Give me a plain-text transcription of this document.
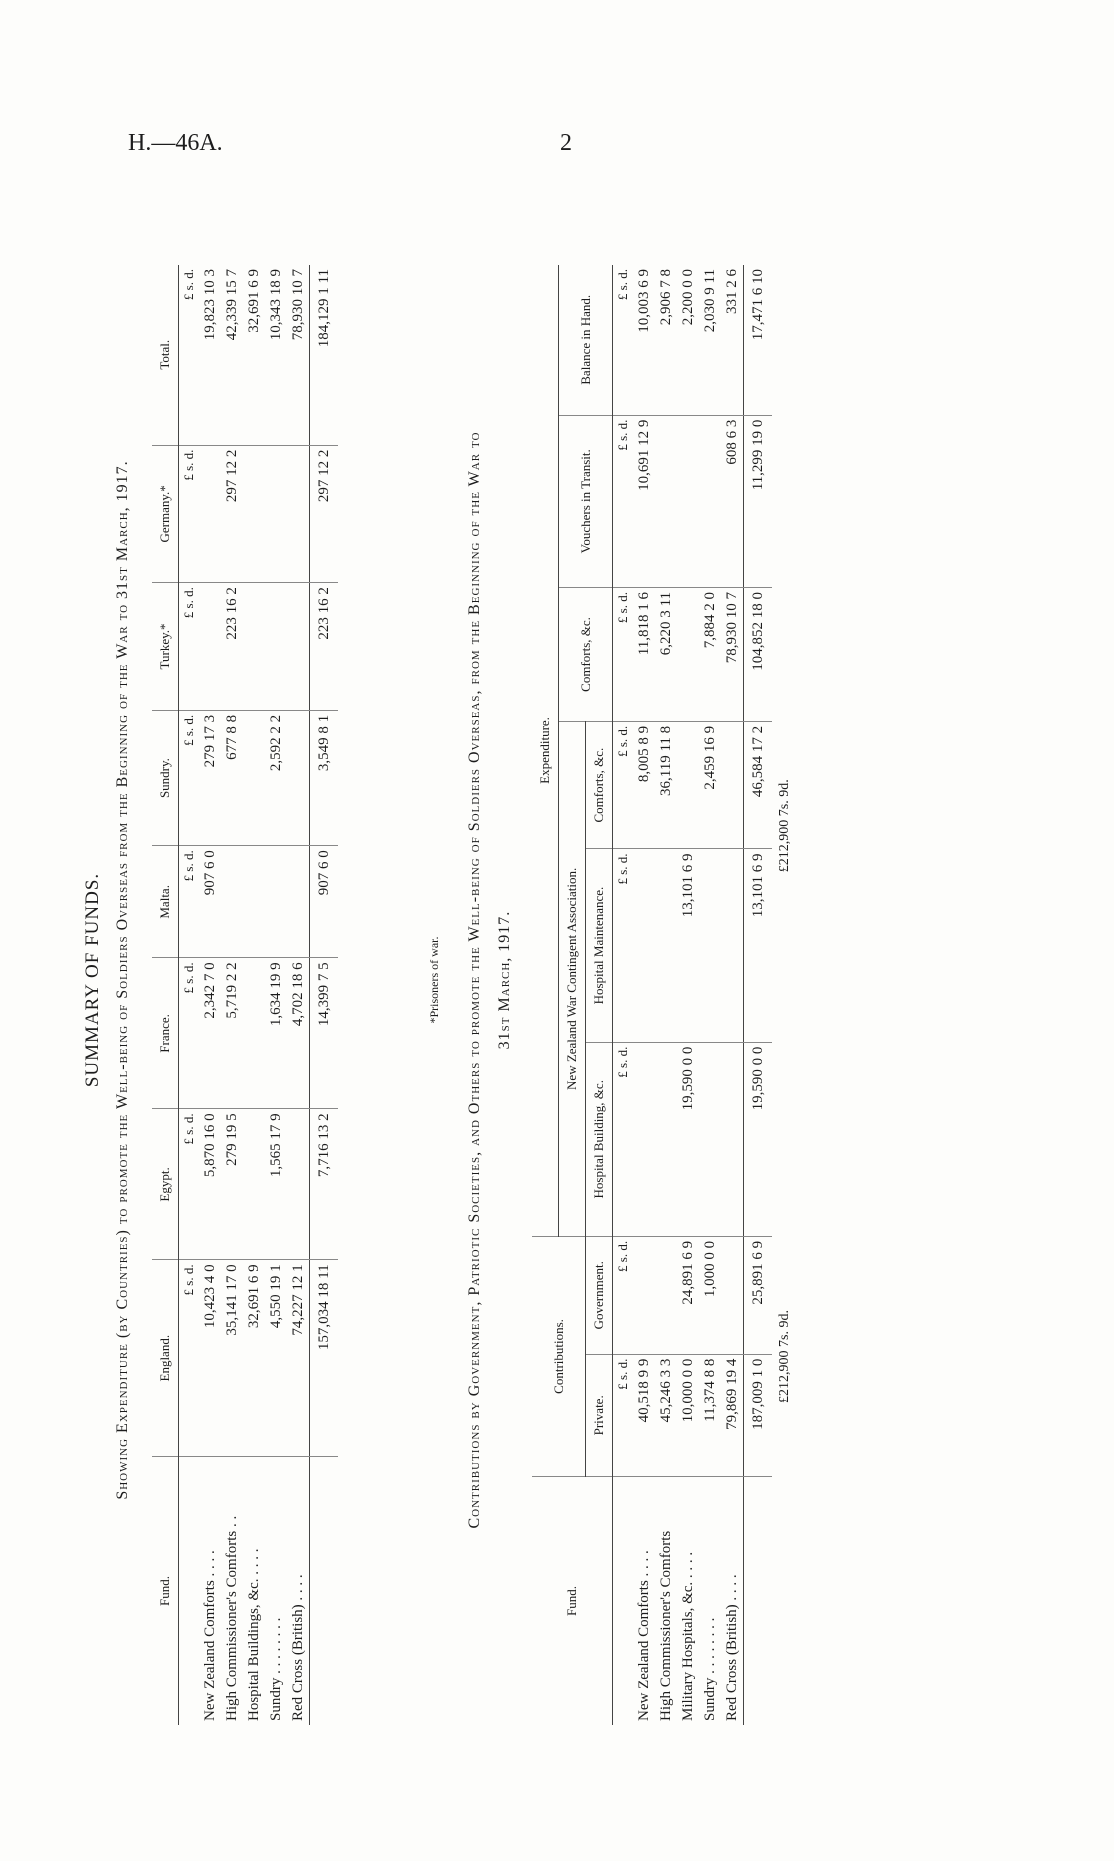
H.—46A.	2
SUMMARY OF FUNDS. Showing Expenditure (by Countries) to promote the Well-being of Soldiers Overseas from the Beginning of the War to 31st March, 1917.
Fund.	England.	Egypt.	France.	Malta.	Sundry.	Turkey.*	Germany.*	Total.
	£ s. d.	£ s. d.	£ s. d.	£ s. d.	£ s. d.	£ s. d.	£ s. d.	£ s. d.
New Zealand Comforts . . . .	10,423 4 0	5,870 16 0	2,342 7 0	907 6 0	279 17 3			19,823 10 3
High Commissioner's Comforts . .	35,141 17 0	279 19 5	5,719 2 2		677 8 8	223 16 2	297 12 2	42,339 15 7
Hospital Buildings, &c. . . . .	32,691 6 9							32,691 6 9
Sundry . . . . . . . .	4,550 19 1	1,565 17 9	1,634 19 9		2,592 2 2			10,343 18 9
Red Cross (British) . . . .	74,227 12 1		4,702 18 6					78,930 10 7
	157,034 18 11	7,716 13 2	14,399 7 5	907 6 0	3,549 8 1	223 16 2	297 12 2	184,129 1 11
*Prisoners of war.	Contributions by Government, Patriotic Societies, and Others to promote the Well-being of Soldiers Overseas, from the Beginning of the War to 31st March, 1917.
Fund.	Contributions.		Expenditure.					
			New Zealand War Contingent Association.			Comforts, &c.	Vouchers in Transit.	Balance in Hand.
	Private.	Government.	Hospital Building, &c.	Hospital Maintenance.	Comforts, &c.			
	£ s. d.	£ s. d.	£ s. d.	£ s. d.	£ s. d.	£ s. d.	£ s. d.	£ s. d.
New Zealand Comforts . . . .	40,518 9 9				8,005 8 9	11,818 1 6	10,691 12 9	10,003 6 9
High Commissioner's Comforts	45,246 3 3				36,119 11 8	6,220 3 11		2,906 7 8
Military Hospitals, &c. . . . .	10,000 0 0	24,891 6 9	19,590 0 0	13,101 6 9				2,200 0 0
Sundry . . . . . . . .	11,374 8 8	1,000 0 0			2,459 16 9	7,884 2 0		2,030 9 11
Red Cross (British) . . . .	79,869 19 4					78,930 10 7	608 6 3	331 2 6
	187,009 1 0	25,891 6 9	19,590 0 0	13,101 6 9	46,584 17 2	104,852 18 0	11,299 19 0	17,471 6 10
	£212,900 7s. 9d.		£212,900 7s. 9d.					
